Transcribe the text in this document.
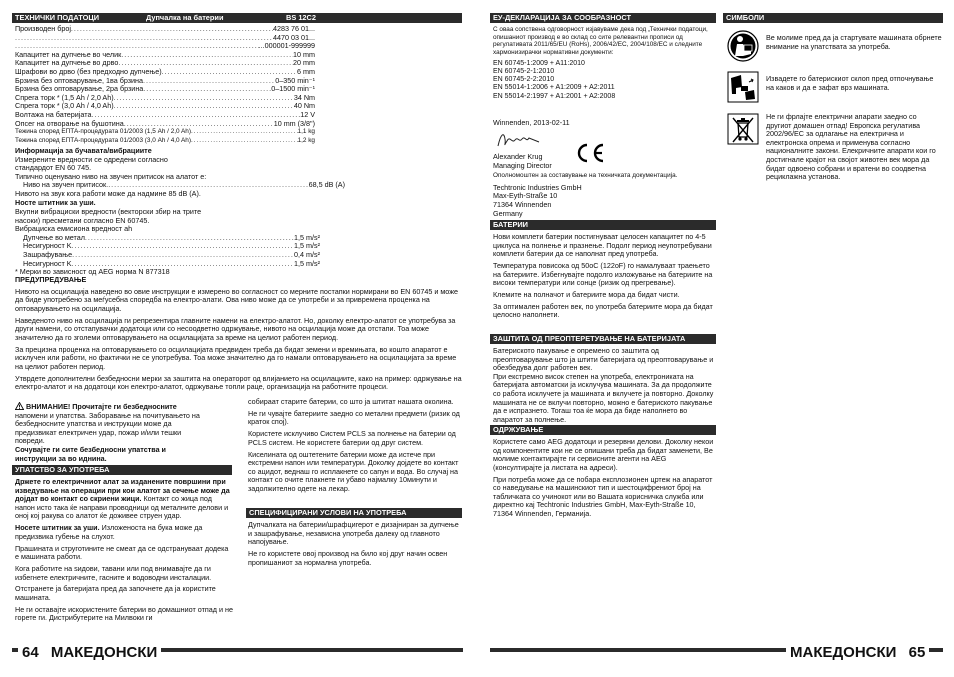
ТЕХНИЧКИ ПОДАТОЦИ	Дупчалка на батерии	BS 12C2
Производен број .....	4283 76 01...
.....
4470 03 01...
.....
...000001-999999
Капацитет на дупчење во челик .....	10 mm
Капацитет на дупчење во дрво .....	20 mm
Шрафови во дрво (без предходно дупчење) .....	6 mm
Брзина без оптоварување, 1ва брзина .....	0–350 min⁻¹
Брзина без оптоварување, 2ра брзина .....	0–1500 min⁻¹
Спрега торк * (1,5 Ah / 2,0 Ah) .....	34 Nm
Спрега торк * (3,0 Ah / 4,0 Ah) .....	40 Nm
Волтажа на батеријата .....	12 V
Опсег на отворање на бушотина .....	10 mm (3/8")
Тежина според ЕПТА-процедурата 01/2003 (1,5 Ah / 2,0 Ah) .....	1,1 kg
Тежина според ЕПТА-процедурата 01/2003 (3,0 Ah / 4,0 Ah) .....	1,2 kg
Информација за бучавата/вибрациите
Измерените вредности се одредени согласно
стандардот EN 60 745.
Типично оценувано ниво на звучен притисок на алатот е:
Ниво на звучен притисок. .....	68,5 dB (A)
Нивото на звук кога работи може да надмине 85 dB (A).
Носте штитник за уши.
Вкупни вибрациски вредности (векторски збир на трите
насоки) пресметани согласно EN 60745.
Вибрациска емисиона вредност ah
Дупчење во метал .....	1,5 m/s²
Несигурност K .....	1,5 m/s²
Зашрафување .....	0,4 m/s²
Несигурност K .....	1,5 m/s²
* Мерки во зависност од AEG норма N 877318
ПРЕДУПРЕДУВАЊЕ

Нивото на осцилација наведено во овие инструкции е измерено во согласност со мерните постапки нормирани во EN 60745 и може да биде употребено за меѓусебна споредба на електро-алати. Ова ниво може да се употреби и за привремена проценка на оптоварувањето на осцилација.

Наведеното ниво на осцилација ги репрезентира главните намени на електро-алатот. Но, доколку електро-алатот се употребува за други намени, со отстапувачки додатоци или со несоодветно одржување, нивото на осцилација може да отстапи. Тоа може значително да го зголеми оптоварувањето на осцилацијата за време на целиот работен период.

За прецизна проценка на оптоварувањето со осцилацијата предвиден треба да бидат земени и времињата, во кошто апаратот е исклучен или работи, но фактички не се употребува. Тоа може значително да го намали оптоварувањето на осцилацијата за време на целиот работен период.

Утврдете дополнителни безбедносни мерки за заштита на операторот од влијанието на осцилациите, како на пример: одржување на електро-алатот и на додатоци кон електро-алатот, одржување топли раце, организација на работните процеси.

ВНИМАНИЕ! Прочитајте ги безбедносните
напомени и упатства. Заборавање на почитувањето на
безбедносните упатства и инструкции може да
предизвикат електричен удар, пожар и/или тешки
повреди.
Сочувајте ги сите безбедносни упатства и
инструкции за во иднина.
УПАТСТВО ЗА УПОТРЕБА

Држете го електричниот алат за изданените површини при изведување на операции при кои алатот за сечење може да дојдат во контакт со скриени жици. Контакт со жица под напон исто така ќе направи проводници од металните делови и оној кој ракува со алатот ќе доживее струен удар.

Носете штитник за уши. Изложеноста на бука може да предизвика губење на слухот.

Прашината и струготините не смеат да се одстрануваат додека е машината работи.

Кога работите на ѕидови, тавани или под внимавајте да ги избегнете електричните, гасните и водоводни инсталации.

Отстранете ја батеријата пред да започнете да ја користите машината.

Не ги оставајте искористените батерии во домашниот отпад и не горете ги. Дистрибутерите на Милвоки ги

собираат старите батерии, со што ја штитат нашата околина.

Не ги чувајте батериите заедно со метални предмети (ризик од краток спој).

Користете исклучиво Систем PCLS за полнење на батерии од PCLS систем. Не користете батерии од друг систем.

Киселината од оштетените батерии може да истече при екстремни напон или температури. Доколку дојдете во контакт со ацидот, веднаш го исплакнете со сапун и вода. Во случај на контакт со очите плакнете ги убаво најмалку 10минути и задолжително одете на лекар.

СПЕЦИФИЦИРАНИ УСЛОВИ НА УПОТРЕБА

Дупчалката на батерии/шрафцигерот е дизајниран за дупчење и зашрафување, независна употреба далеку од главното напојување.

Не го користете овој производ на било кој друг начин освен пропишаниот за нормална употреба.

64 МАКЕДОНСКИ
ЕУ-ДЕКЛАРАЦИЈА ЗА СООБРАЗНОСТ

С оваа сопствена одговорност изјавуваме дека под „Технички податоци, опишаниот производ е во склад со сите релевантни прописи од регулативата 2011/65/EU (RoHs), 2006/42/EC, 2004/108/EC и следните хармонизирачки нормативни документи:

EN 60745-1:2009 + A11:2010
EN 60745-2-1:2010
EN 60745-2-2:2010
EN 55014-1:2006 + A1:2009 + A2:2011
EN 55014-2:1997 + A1:2001 + A2:2008
Winnenden, 2013-02-11
Alexander Krug
Managing Director
Ополномоштен за составување на техничката документација.
Techtronic Industries GmbH
Max-Eyth-Straße 10
71364 Winnenden
Germany
БАТЕРИИ

Нови комплети батерии постигнуваат целосен капацитет по 4-5 циклуса на полнење и празнење. Подолг период неупотребувани комплети батерии да се наполнат пред употреба.

Температура повисока од 50oC (122oF) го намалуваат траењето на батериите. Избегнувајте подолго изложување на батериите на високи температури или сонце (ризик од прегревање).

Клемите на полначот и батериите мора да бидат чисти.

За оптимален работен век, по употреба батериите мора да бидат целосно наполнети.

ЗАШТИТА ОД ПРЕОПТЕРЕТУВАЊЕ НА БАТЕРИЈАТА

Батериското пакување е опремено со заштита од преоптоварување што ја штити батеријата од преоптоварување и обезбедува долг работен век.

При екстремно висок степен на употреба, електрониката на батеријата автоматски ја исклучува машината. За да продолжите со работа исклучете ја машината и вклучете ја повторно. Доколку машината не се вклучи повторно, можно е батериското пакување да е испразнето. Тогаш тоа ќе мора да биде наполнето во апаратот за полнење.

ОДРЖУВАЊЕ

Користете само AEG додатоци и резервни делови. Доколку некои од компонентите кои не се опишани треба да бидат заменети, Ве молиме контактирајте ги сервисните агенти на AEG (консултирајте ја листата на адреси).

При потреба може да се побара експлозионен цртеж на апаратот со наведување на машинскиот тип и шестоцифрениот број на табличката со учинокот или во Вашата корисничка служба или директно кај Techtronic Industries GmbH, Max-Eyth-Straße 10, 71364 Winnenden, Германија.

СИМБОЛИ
Ве молиме пред да ја стартувате машината обрнете внимание на упатствата за употреба.
Извадете го батерискиот склоп пред отпочнување на каков и да е зафат врз машината.
Не ги фрлајте електрични апарати заедно со другиот домашен отпад! Европска регулатива 2002/96/EC за одлагање на електрична и електронска опрема и применува согласно националните закони. Елекричните апарати кои го достигнале крајот на својот животен век мора да бидат одвоено собрани и вратени во соодветна рециклажна установа.
МАКЕДОНСКИ 65
